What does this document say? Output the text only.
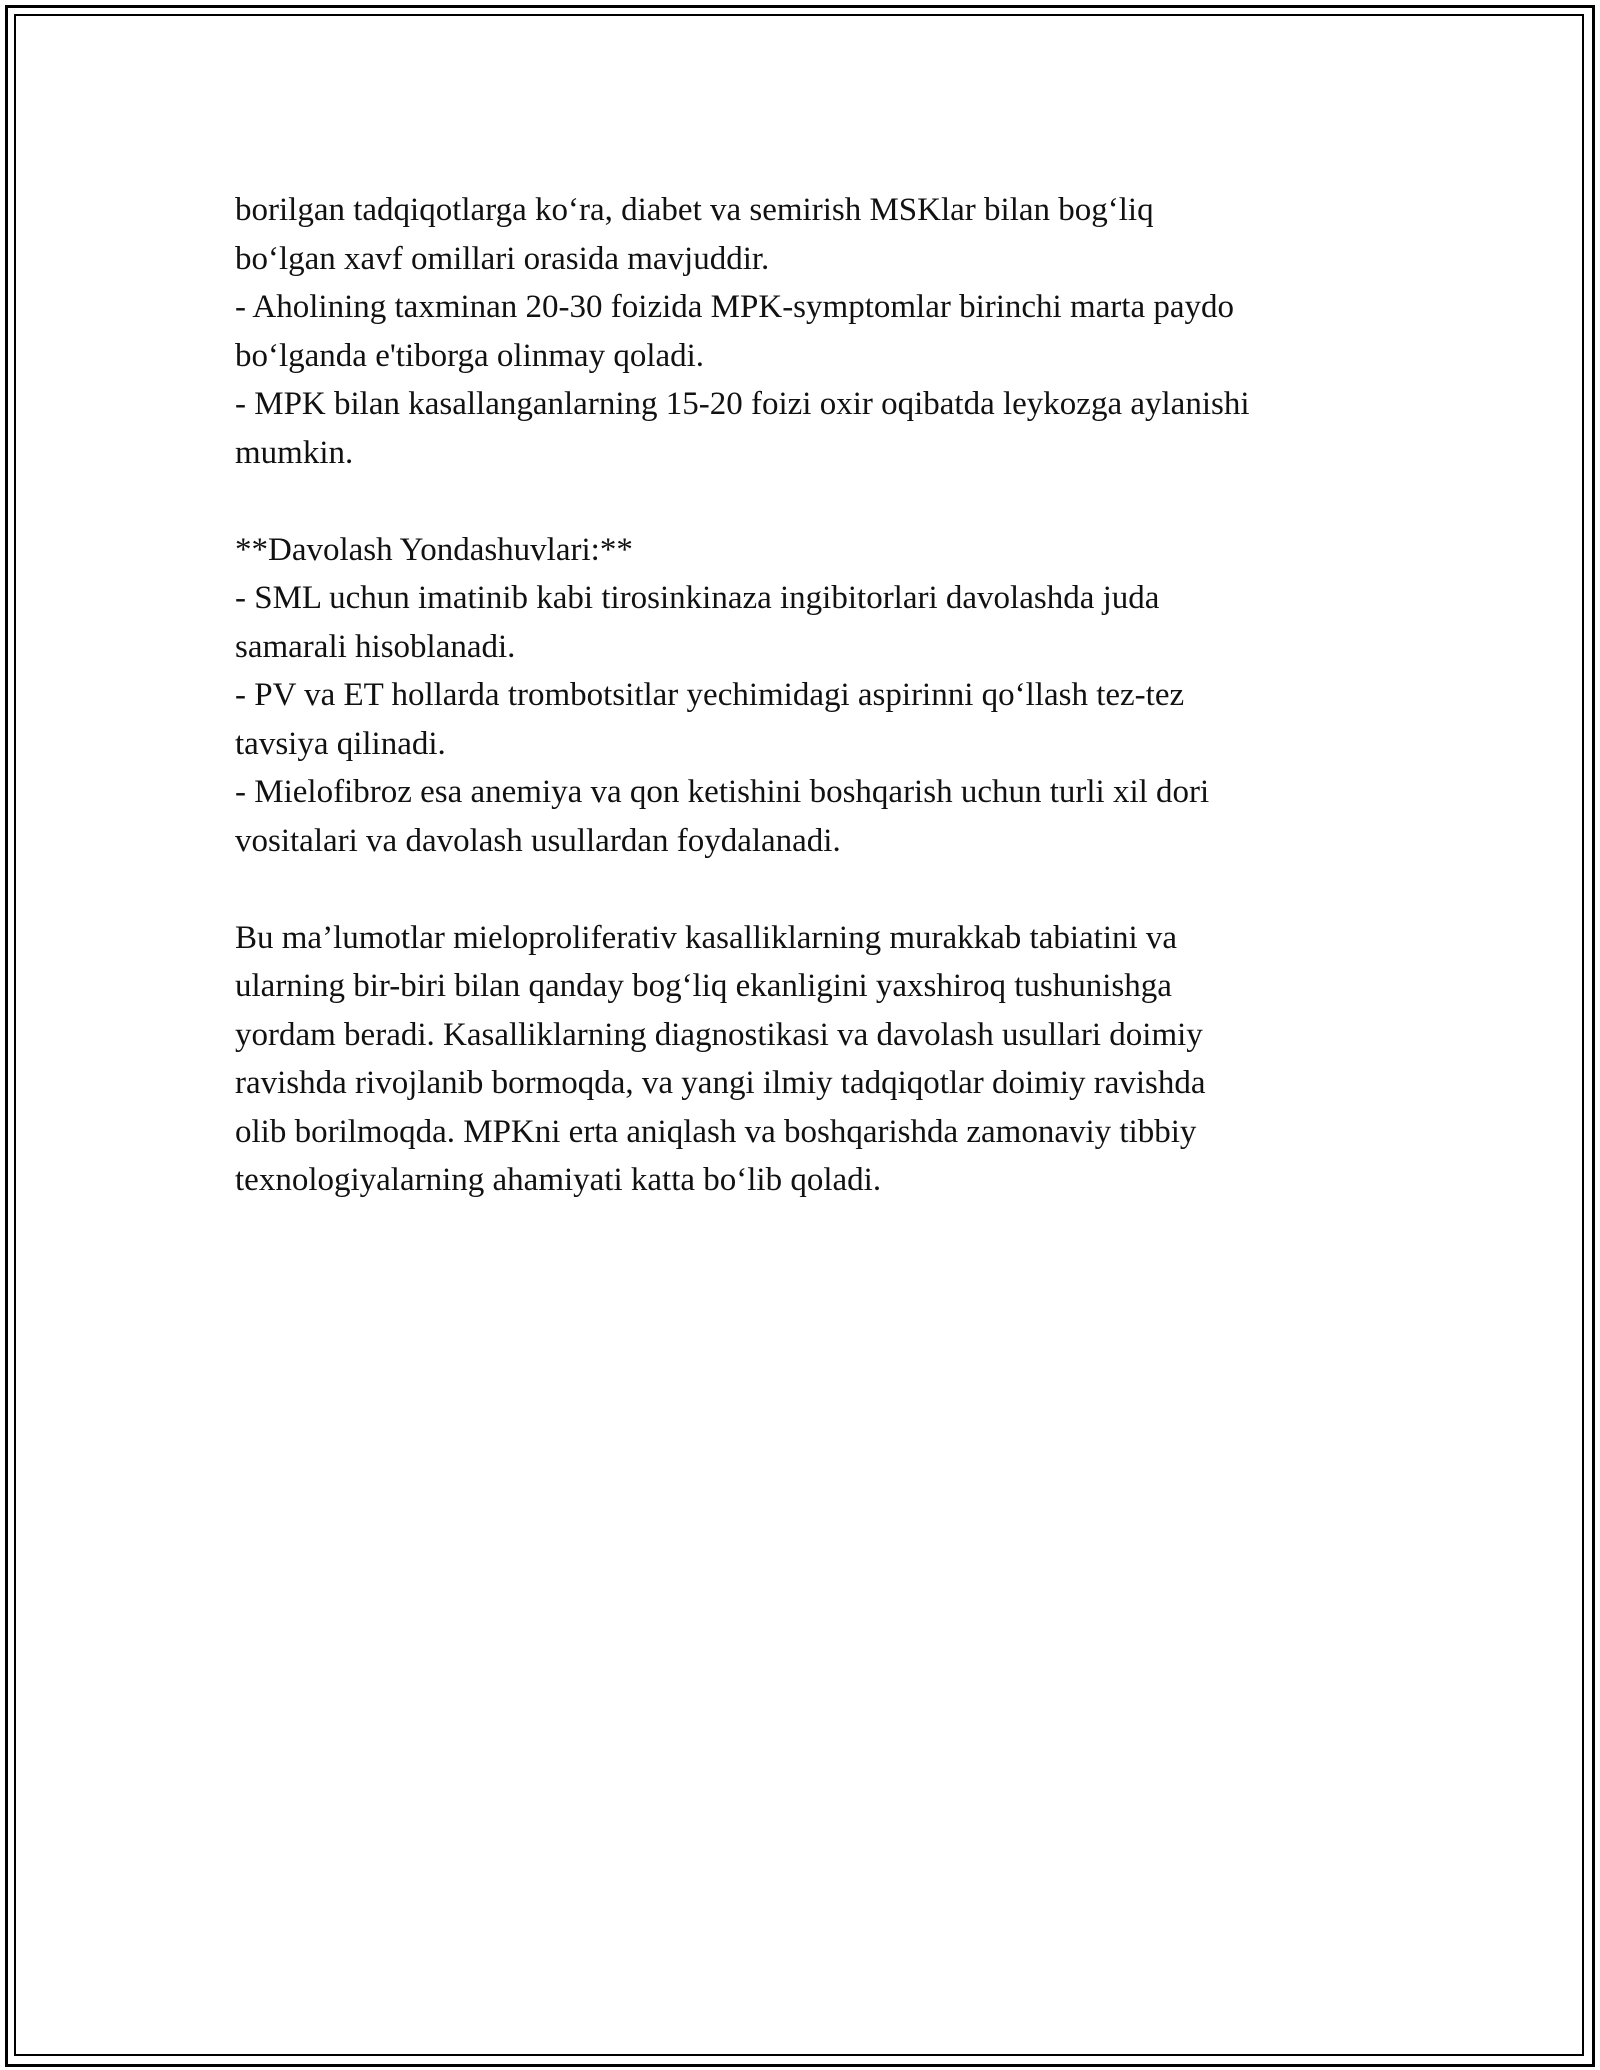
borilgan tadqiqotlarga ko‘ra, diabet va semirish MSKlar bilan bog‘liq

bo‘lgan xavf omillari orasida mavjuddir.

- Aholining taxminan 20-30 foizida MPK-symptomlar birinchi marta paydo

bo‘lganda e'tiborga olinmay qoladi.

- MPK bilan kasallanganlarning 15-20 foizi oxir oqibatda leykozga aylanishi

mumkin.

**Davolash Yondashuvlari:**

- SML uchun imatinib kabi tirosinkinaza ingibitorlari davolashda juda

samarali hisoblanadi.

- PV va ET hollarda trombotsitlar yechimidagi aspirinni qo‘llash tez-tez

tavsiya qilinadi.

- Mielofibroz esa anemiya va qon ketishini boshqarish uchun turli xil dori

vositalari va davolash usullardan foydalanadi.

Bu ma’lumotlar mieloproliferativ kasalliklarning murakkab tabiatini va

ularning bir-biri bilan qanday bog‘liq ekanligini yaxshiroq tushunishga

yordam beradi. Kasalliklarning diagnostikasi va davolash usullari doimiy

ravishda rivojlanib bormoqda, va yangi ilmiy tadqiqotlar doimiy ravishda

olib borilmoqda. MPKni erta aniqlash va boshqarishda zamonaviy tibbiy

texnologiyalarning ahamiyati katta bo‘lib qoladi.
